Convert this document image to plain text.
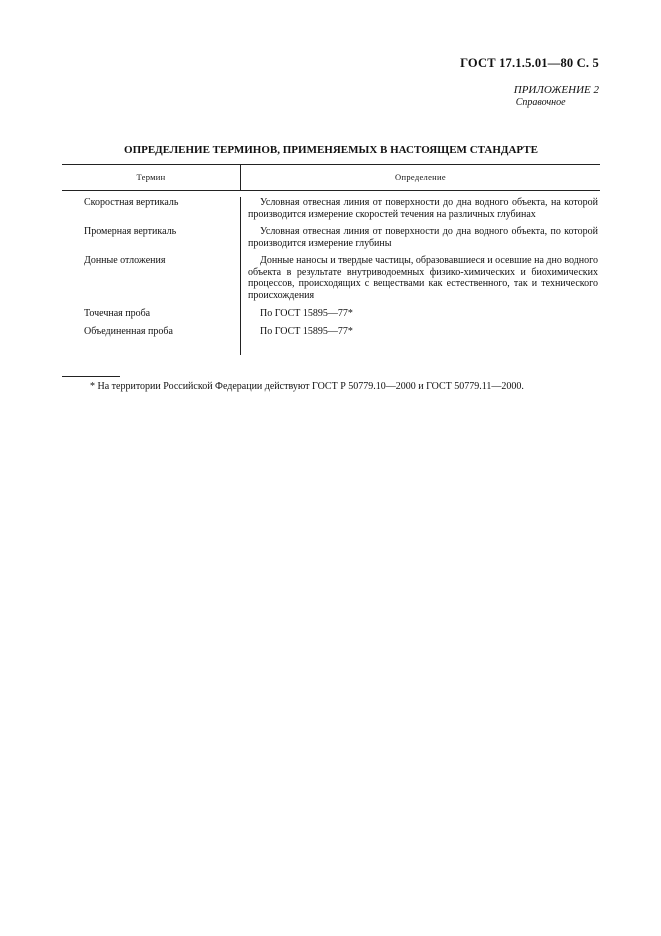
ГОСТ 17.1.5.01—80 С. 5
ПРИЛОЖЕНИЕ 2
Справочное
ОПРЕДЕЛЕНИЕ ТЕРМИНОВ, ПРИМЕНЯЕМЫХ В НАСТОЯЩЕМ СТАНДАРТЕ
Термин	Определение
Скоростная вертикаль	Условная отвесная линия от поверхности до дна водного объекта, на которой производится измерение скоростей течения на различных глубинах
Промерная вертикаль	Условная отвесная линия от поверхности до дна водного объекта, по которой производится измерение глубины
Донные отложения	Донные наносы и твердые частицы, образовавшиеся и осевшие на дно водного объекта в результате внутриводоемных физико-химических и биохимических процессов, происходящих с веществами как естественного, так и технического происхождения
Точечная проба	По ГОСТ 15895—77*
Объединенная проба	По ГОСТ 15895—77*
* На территории Российской Федерации действуют ГОСТ Р 50779.10—2000 и ГОСТ 50779.11—2000.
